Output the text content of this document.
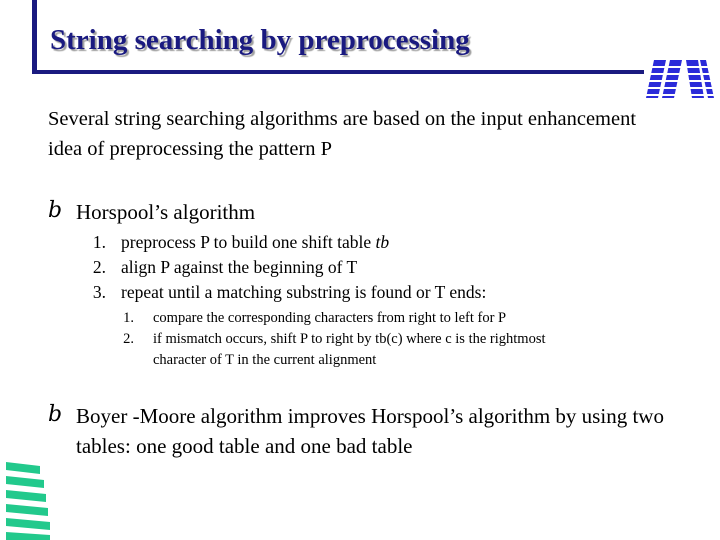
String searching by preprocessing
Several string searching algorithms are based on the input enhancement idea of preprocessing the pattern P
b Horspool’s algorithm
1. preprocess P to build one shift table tb
2. align P against the beginning of T
3. repeat until a matching substring is found or T ends:
1. compare the corresponding characters from right to left for P
2. if mismatch occurs, shift P to right by tb(c) where c is the rightmost
character of T in the current alignment
b Boyer -Moore algorithm improves Horspool’s algorithm by using two tables: one good table and one bad table
